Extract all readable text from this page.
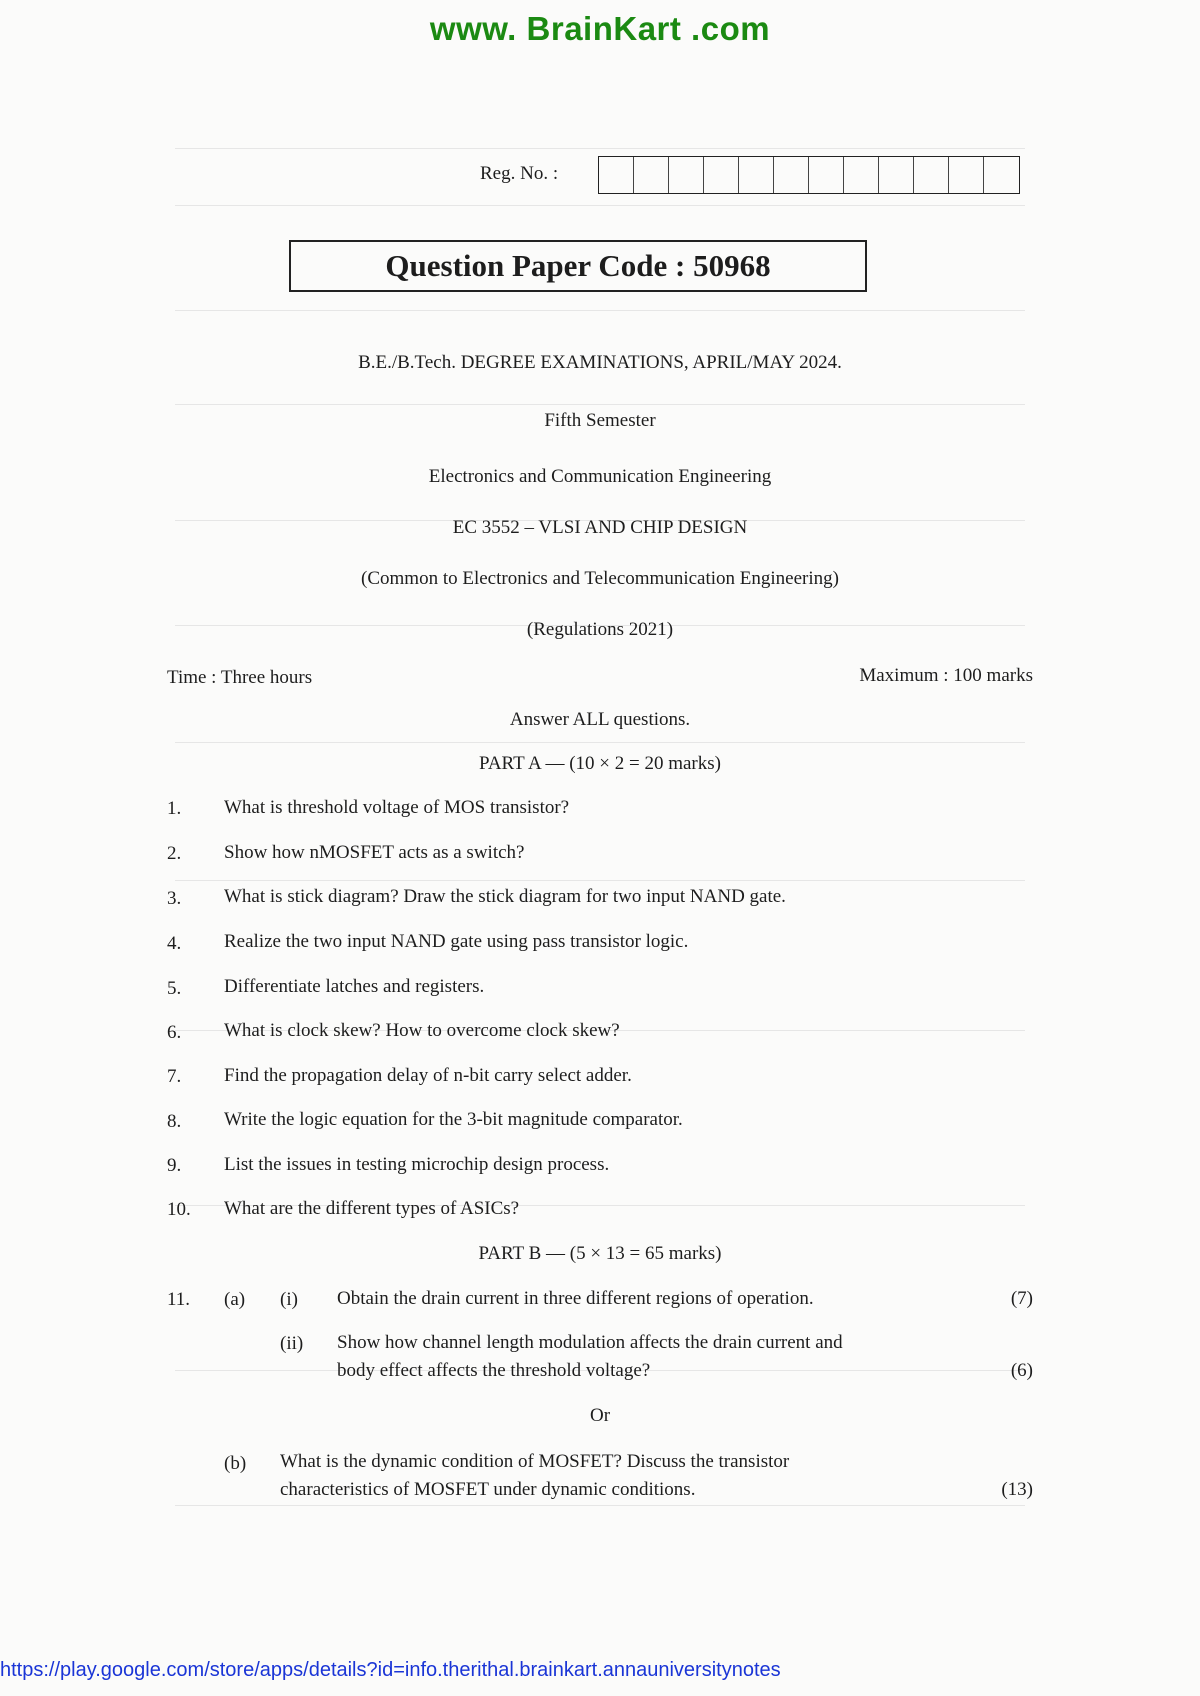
www. BrainKart .com
Reg. No. :
Question Paper Code : 50968
B.E./B.Tech. DEGREE EXAMINATIONS, APRIL/MAY 2024.
Fifth Semester
Electronics and Communication Engineering
EC 3552 – VLSI AND CHIP DESIGN
(Common to Electronics and Telecommunication Engineering)
(Regulations 2021)
Time : Three hours	Maximum : 100 marks
Answer ALL questions.
PART A — (10 × 2 = 20 marks)
1. What is threshold voltage of MOS transistor?
2. Show how nMOSFET acts as a switch?
3. What is stick diagram? Draw the stick diagram for two input NAND gate.
4. Realize the two input NAND gate using pass transistor logic.
5. Differentiate latches and registers.
6. What is clock skew? How to overcome clock skew?
7. Find the propagation delay of n-bit carry select adder.
8. Write the logic equation for the 3-bit magnitude comparator.
9. List the issues in testing microchip design process.
10. What are the different types of ASICs?
PART B — (5 × 13 = 65 marks)
11. (a) (i) Obtain the drain current in three different regions of operation.	(7)
(ii) Show how channel length modulation affects the drain current and
body effect affects the threshold voltage?	(6)
Or
(b) What is the dynamic condition of MOSFET? Discuss the transistor
characteristics of MOSFET under dynamic conditions.	(13)
https://play.google.com/store/apps/details?id=info.therithal.brainkart.annauniversitynotes
